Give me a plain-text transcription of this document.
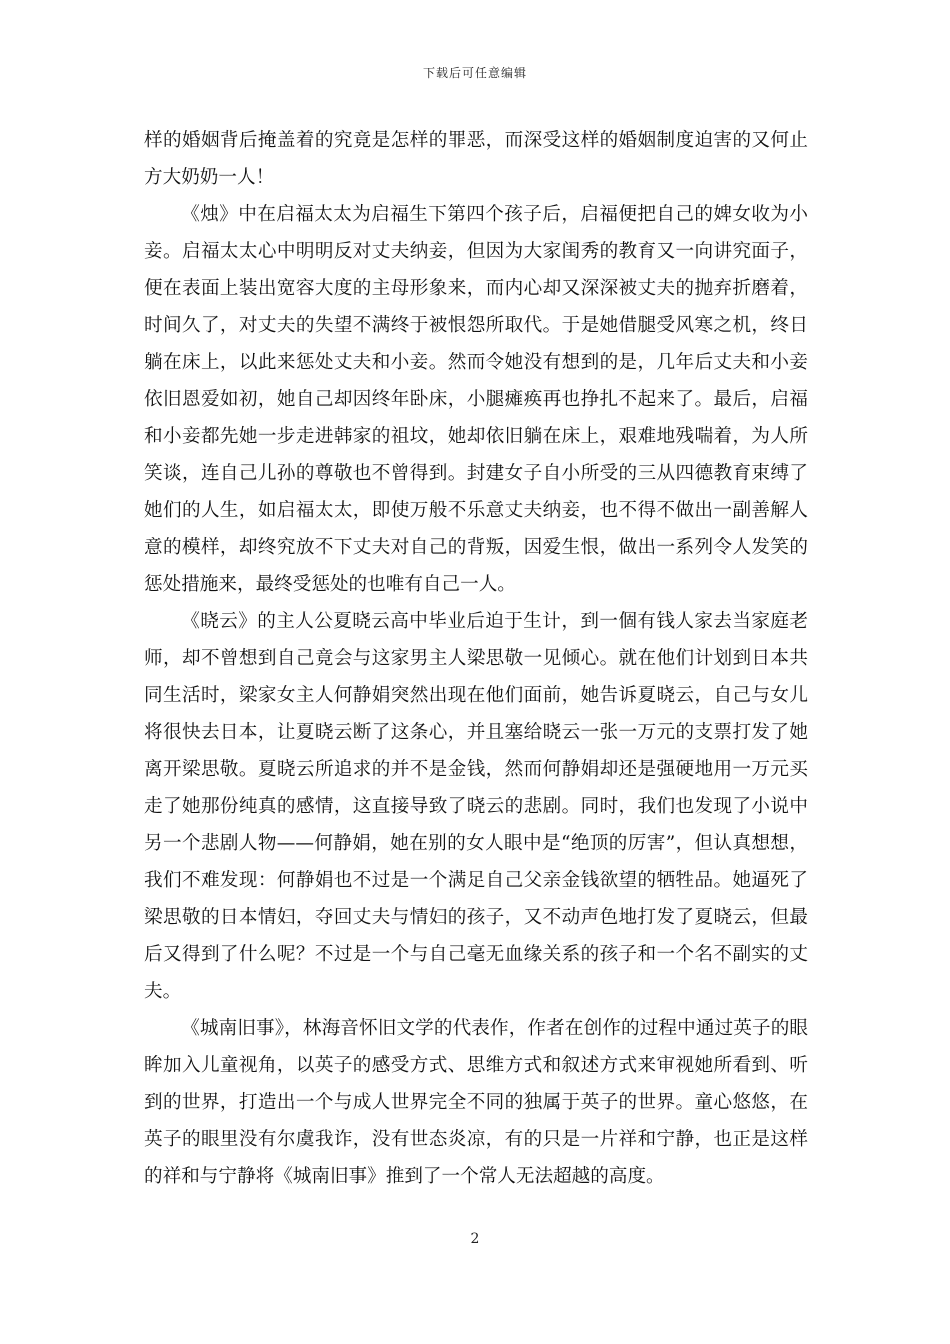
下载后可任意编辑

样的婚姻背后掩盖着的究竟是怎样的罪恶，而深受这样的婚姻制度迫害的又何止方大奶奶一人！

《烛》中在启福太太为启福生下第四个孩子后，启福便把自己的婢女收为小妾。启福太太心中明明反对丈夫纳妾，但因为大家闺秀的教育又一向讲究面子，便在表面上装出宽容大度的主母形象来，而内心却又深深被丈夫的抛弃折磨着，时间久了，对丈夫的失望不满终于被恨怨所取代。于是她借腿受风寒之机，终日躺在床上，以此来惩处丈夫和小妾。然而令她没有想到的是，几年后丈夫和小妾依旧恩爱如初，她自己却因终年卧床，小腿瘫痪再也挣扎不起来了。最后，启福和小妾都先她一步走进韩家的祖坟，她却依旧躺在床上，艰难地残喘着，为人所笑谈，连自己儿孙的尊敬也不曾得到。封建女子自小所受的三从四德教育束缚了她们的人生，如启福太太，即使万般不乐意丈夫纳妾，也不得不做出一副善解人意的模样，却终究放不下丈夫对自己的背叛，因爱生恨，做出一系列令人发笑的惩处措施来，最终受惩处的也唯有自己一人。

《晓云》的主人公夏晓云高中毕业后迫于生计，到一個有钱人家去当家庭老师，却不曾想到自己竟会与这家男主人梁思敬一见倾心。就在他们计划到日本共同生活时，梁家女主人何静娟突然出现在他们面前，她告诉夏晓云，自己与女儿将很快去日本，让夏晓云断了这条心，并且塞给晓云一张一万元的支票打发了她离开梁思敬。夏晓云所追求的并不是金钱，然而何静娟却还是强硬地用一万元买走了她那份纯真的感情，这直接导致了晓云的悲剧。同时，我们也发现了小说中另一个悲剧人物——何静娟，她在别的女人眼中是“绝顶的厉害”，但认真想想，我们不难发现：何静娟也不过是一个满足自己父亲金钱欲望的牺牲品。她逼死了梁思敬的日本情妇，夺回丈夫与情妇的孩子，又不动声色地打发了夏晓云，但最后又得到了什么呢？不过是一个与自己毫无血缘关系的孩子和一个名不副实的丈夫。

《城南旧事》，林海音怀旧文学的代表作，作者在创作的过程中通过英子的眼眸加入儿童视角，以英子的感受方式、思维方式和叙述方式来审视她所看到、听到的世界，打造出一个与成人世界完全不同的独属于英子的世界。童心悠悠，在英子的眼里没有尔虞我诈，没有世态炎凉，有的只是一片祥和宁静，也正是这样的祥和与宁静将《城南旧事》推到了一个常人无法超越的高度。

2
